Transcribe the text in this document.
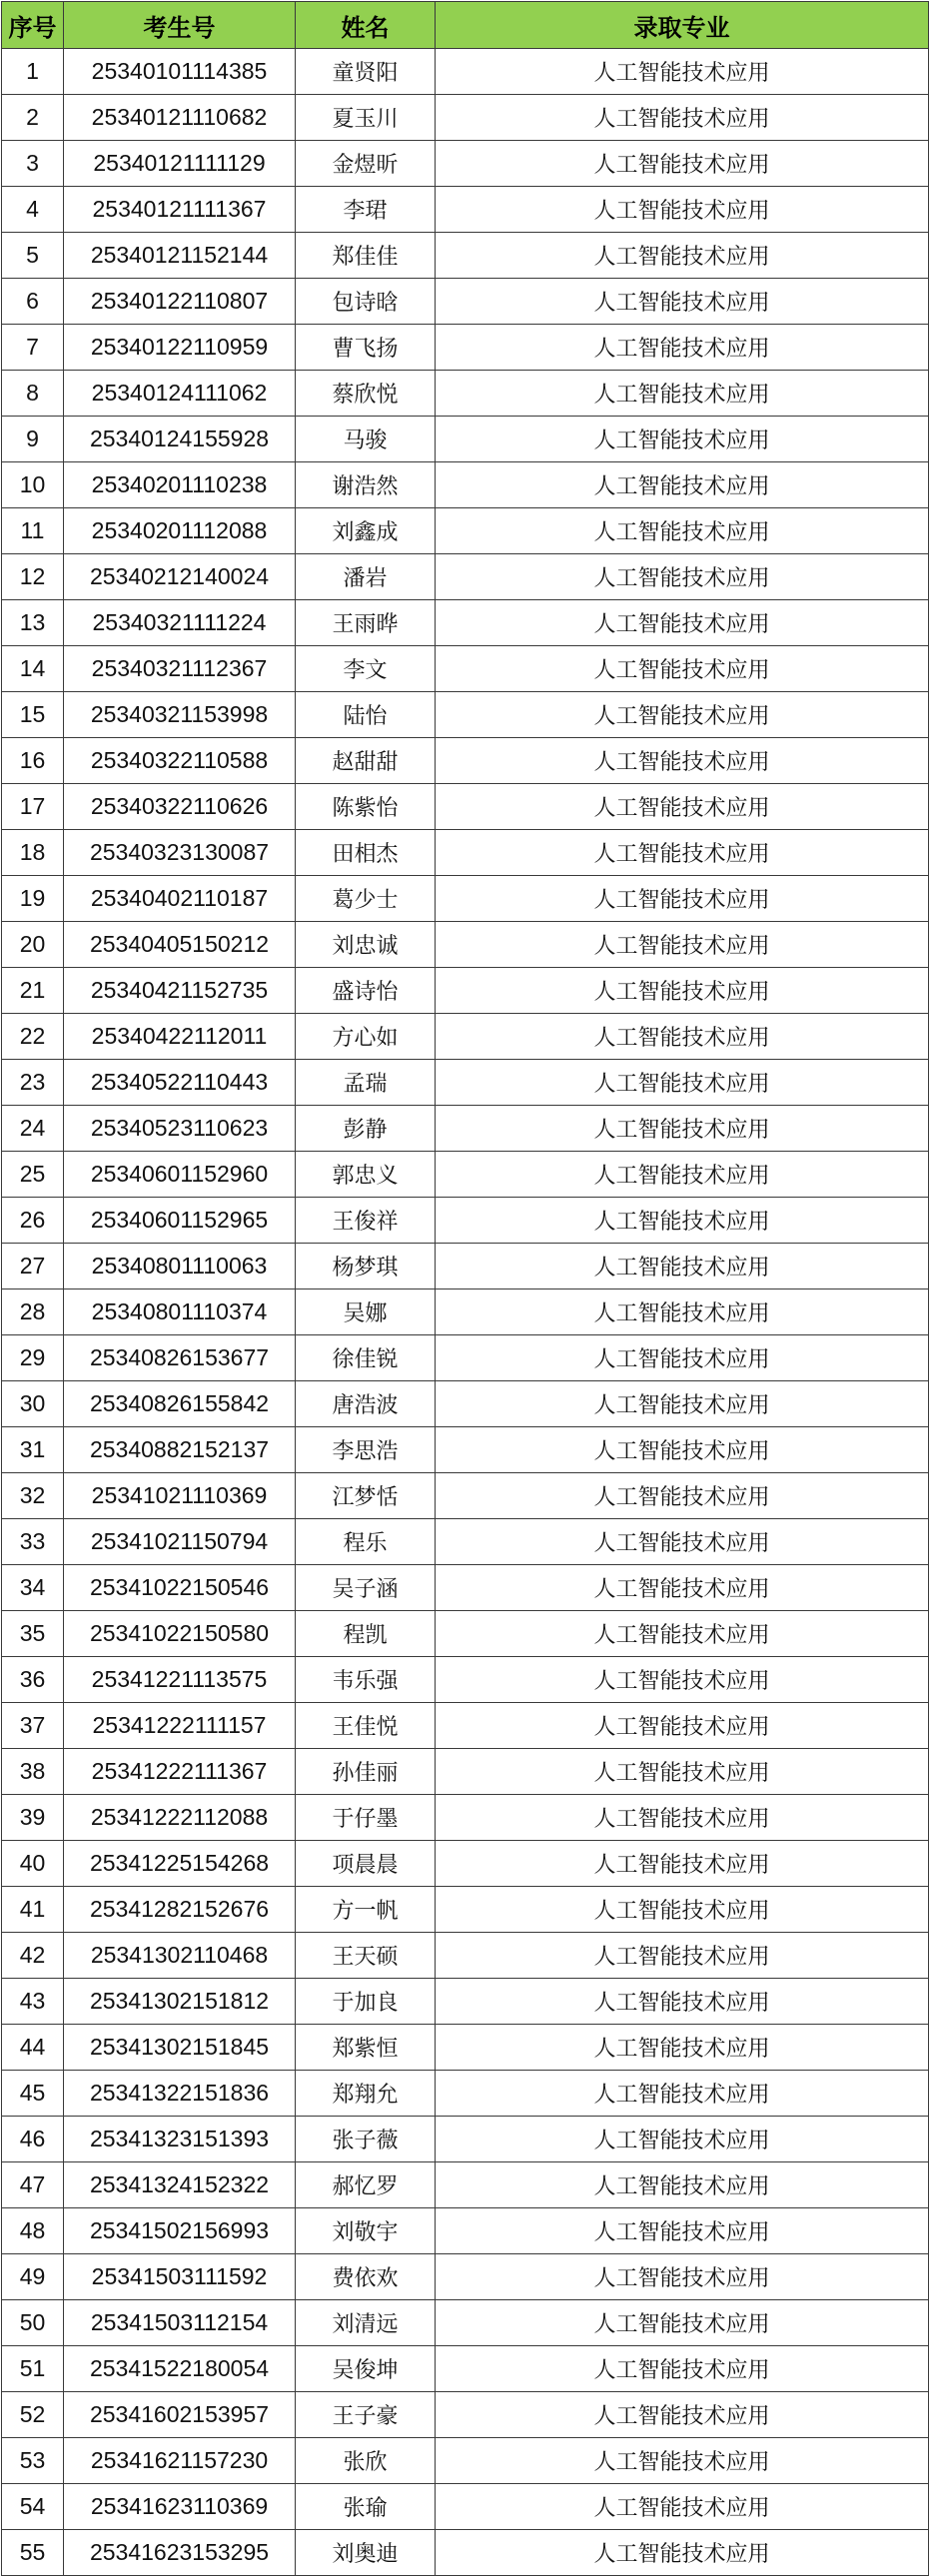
序号	考生号	姓名	录取专业
1	25340101114385	童贤阳	人工智能技术应用
2	25340121110682	夏玉川	人工智能技术应用
3	25340121111129	金煜昕	人工智能技术应用
4	25340121111367	李珺	人工智能技术应用
5	25340121152144	郑佳佳	人工智能技术应用
6	25340122110807	包诗晗	人工智能技术应用
7	25340122110959	曹飞扬	人工智能技术应用
8	25340124111062	蔡欣悦	人工智能技术应用
9	25340124155928	马骏	人工智能技术应用
10	25340201110238	谢浩然	人工智能技术应用
11	25340201112088	刘鑫成	人工智能技术应用
12	25340212140024	潘岩	人工智能技术应用
13	25340321111224	王雨晔	人工智能技术应用
14	25340321112367	李文	人工智能技术应用
15	25340321153998	陆怡	人工智能技术应用
16	25340322110588	赵甜甜	人工智能技术应用
17	25340322110626	陈紫怡	人工智能技术应用
18	25340323130087	田相杰	人工智能技术应用
19	25340402110187	葛少士	人工智能技术应用
20	25340405150212	刘忠诚	人工智能技术应用
21	25340421152735	盛诗怡	人工智能技术应用
22	25340422112011	方心如	人工智能技术应用
23	25340522110443	孟瑞	人工智能技术应用
24	25340523110623	彭静	人工智能技术应用
25	25340601152960	郭忠义	人工智能技术应用
26	25340601152965	王俊祥	人工智能技术应用
27	25340801110063	杨梦琪	人工智能技术应用
28	25340801110374	吴娜	人工智能技术应用
29	25340826153677	徐佳锐	人工智能技术应用
30	25340826155842	唐浩波	人工智能技术应用
31	25340882152137	李思浩	人工智能技术应用
32	25341021110369	江梦恬	人工智能技术应用
33	25341021150794	程乐	人工智能技术应用
34	25341022150546	吴子涵	人工智能技术应用
35	25341022150580	程凯	人工智能技术应用
36	25341221113575	韦乐强	人工智能技术应用
37	25341222111157	王佳悦	人工智能技术应用
38	25341222111367	孙佳丽	人工智能技术应用
39	25341222112088	于仔墨	人工智能技术应用
40	25341225154268	项晨晨	人工智能技术应用
41	25341282152676	方一帆	人工智能技术应用
42	25341302110468	王天硕	人工智能技术应用
43	25341302151812	于加良	人工智能技术应用
44	25341302151845	郑紫恒	人工智能技术应用
45	25341322151836	郑翔允	人工智能技术应用
46	25341323151393	张子薇	人工智能技术应用
47	25341324152322	郝忆罗	人工智能技术应用
48	25341502156993	刘敬宇	人工智能技术应用
49	25341503111592	费依欢	人工智能技术应用
50	25341503112154	刘清远	人工智能技术应用
51	25341522180054	吴俊坤	人工智能技术应用
52	25341602153957	王子豪	人工智能技术应用
53	25341621157230	张欣	人工智能技术应用
54	25341623110369	张瑜	人工智能技术应用
55	25341623153295	刘奥迪	人工智能技术应用
